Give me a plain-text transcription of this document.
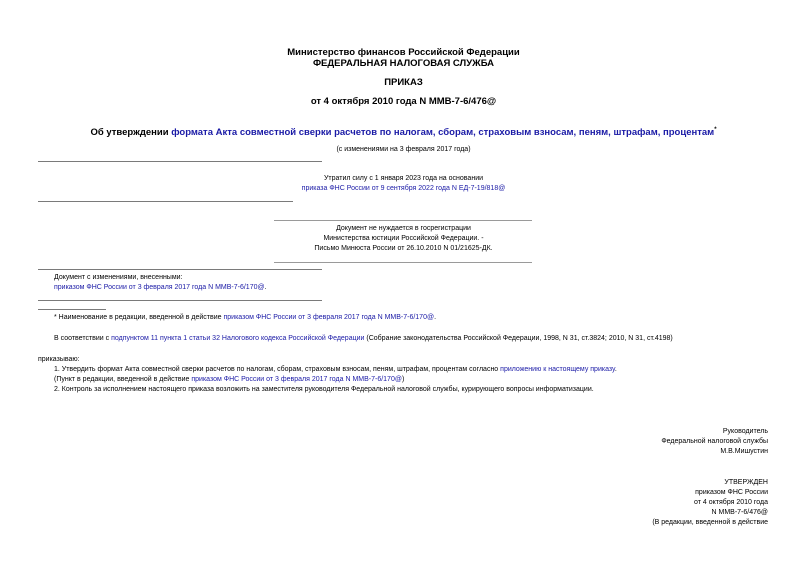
Министерство финансов Российской Федерации
ФЕДЕРАЛЬНАЯ НАЛОГОВАЯ СЛУЖБА
ПРИКАЗ
от 4 октября 2010 года N ММВ-7-6/476@
Об утверждении формата Акта совместной сверки расчетов по налогам, сборам, страховым взносам, пеням, штрафам, процентам*
(с изменениями на 3 февраля 2017 года)
Утратил силу с 1 января 2023 года на основании
приказа ФНС России от 9 сентября 2022 года N ЕД-7-19/818@
Документ не нуждается в госрегистрации
Министерства юстиции Российской Федерации. -
Письмо Минюста России от 26.10.2010 N 01/21625-ДК.
Документ с изменениями, внесенными:
приказом ФНС России от 3 февраля 2017 года N ММВ-7-6/170@.
* Наименование в редакции, введенной в действие приказом ФНС России от 3 февраля 2017 года N ММВ-7-6/170@.
В соответствии с подпунктом 11 пункта 1 статьи 32 Налогового кодекса Российской Федерации (Собрание законодательства Российской Федерации, 1998, N 31, ст.3824; 2010, N 31, ст.4198)
приказываю:
1. Утвердить формат Акта совместной сверки расчетов по налогам, сборам, страховым взносам, пеням, штрафам, процентам согласно приложению к настоящему приказу.
(Пункт в редакции, введенной в действие приказом ФНС России от 3 февраля 2017 года N ММВ-7-6/170@)
2. Контроль за исполнением настоящего приказа возложить на заместителя руководителя Федеральной налоговой службы, курирующего вопросы информатизации.
Руководитель
Федеральной налоговой службы
М.В.Мишустин
УТВЕРЖДЕН
приказом ФНС России
от 4 октября 2010 года
N ММВ-7-6/476@
(В редакции, введенной в действие
